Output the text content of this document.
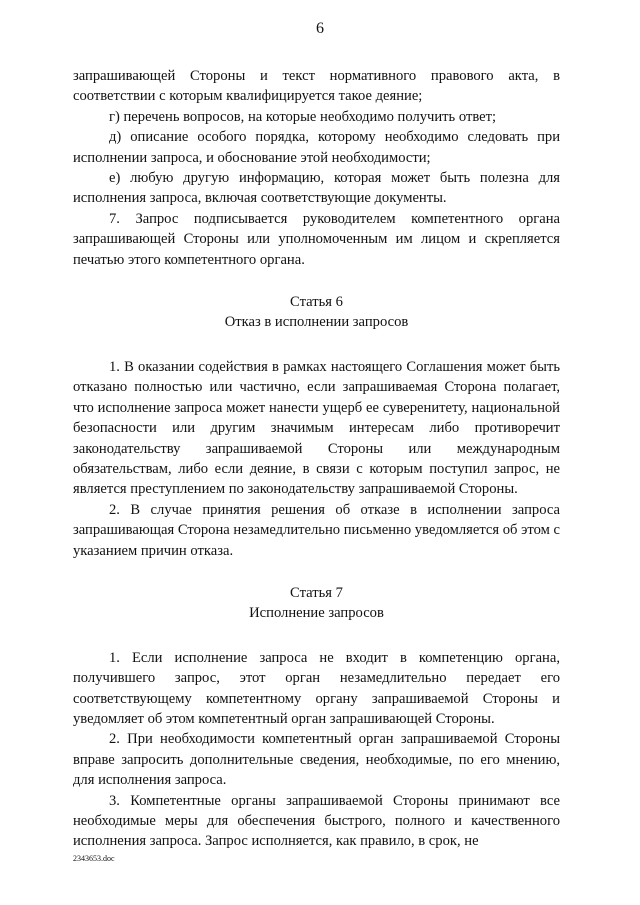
6

запрашивающей Стороны и текст нормативного правового акта, в соответствии с которым квалифицируется такое деяние;

г) перечень вопросов, на которые необходимо получить ответ;

д) описание особого порядка, которому необходимо следовать при исполнении запроса, и обоснование этой необходимости;

е) любую другую информацию, которая может быть полезна для исполнения запроса, включая соответствующие документы.

7. Запрос подписывается руководителем компетентного органа запрашивающей Стороны или уполномоченным им лицом и скрепляется печатью этого компетентного органа.

Статья 6

Отказ в исполнении запросов

1. В оказании содействия в рамках настоящего Соглашения может быть отказано полностью или частично, если запрашиваемая Сторона полагает, что исполнение запроса может нанести ущерб ее суверенитету, национальной безопасности или другим значимым интересам либо противоречит законодательству запрашиваемой Стороны или международным обязательствам, либо если деяние, в связи с которым поступил запрос, не является преступлением по законодательству запрашиваемой Стороны.

2. В случае принятия решения об отказе в исполнении запроса запрашивающая Сторона незамедлительно письменно уведомляется об этом с указанием причин отказа.

Статья 7

Исполнение запросов

1. Если исполнение запроса не входит в компетенцию органа, получившего запрос, этот орган незамедлительно передает его соответствующему компетентному органу запрашиваемой Стороны и уведомляет об этом компетентный орган запрашивающей Стороны.

2. При необходимости компетентный орган запрашиваемой Стороны вправе запросить дополнительные сведения, необходимые, по его мнению, для исполнения запроса.

3. Компетентные органы запрашиваемой Стороны принимают все необходимые меры для обеспечения быстрого, полного и качественного исполнения запроса. Запрос исполняется, как правило, в срок, не

2343653.doc
